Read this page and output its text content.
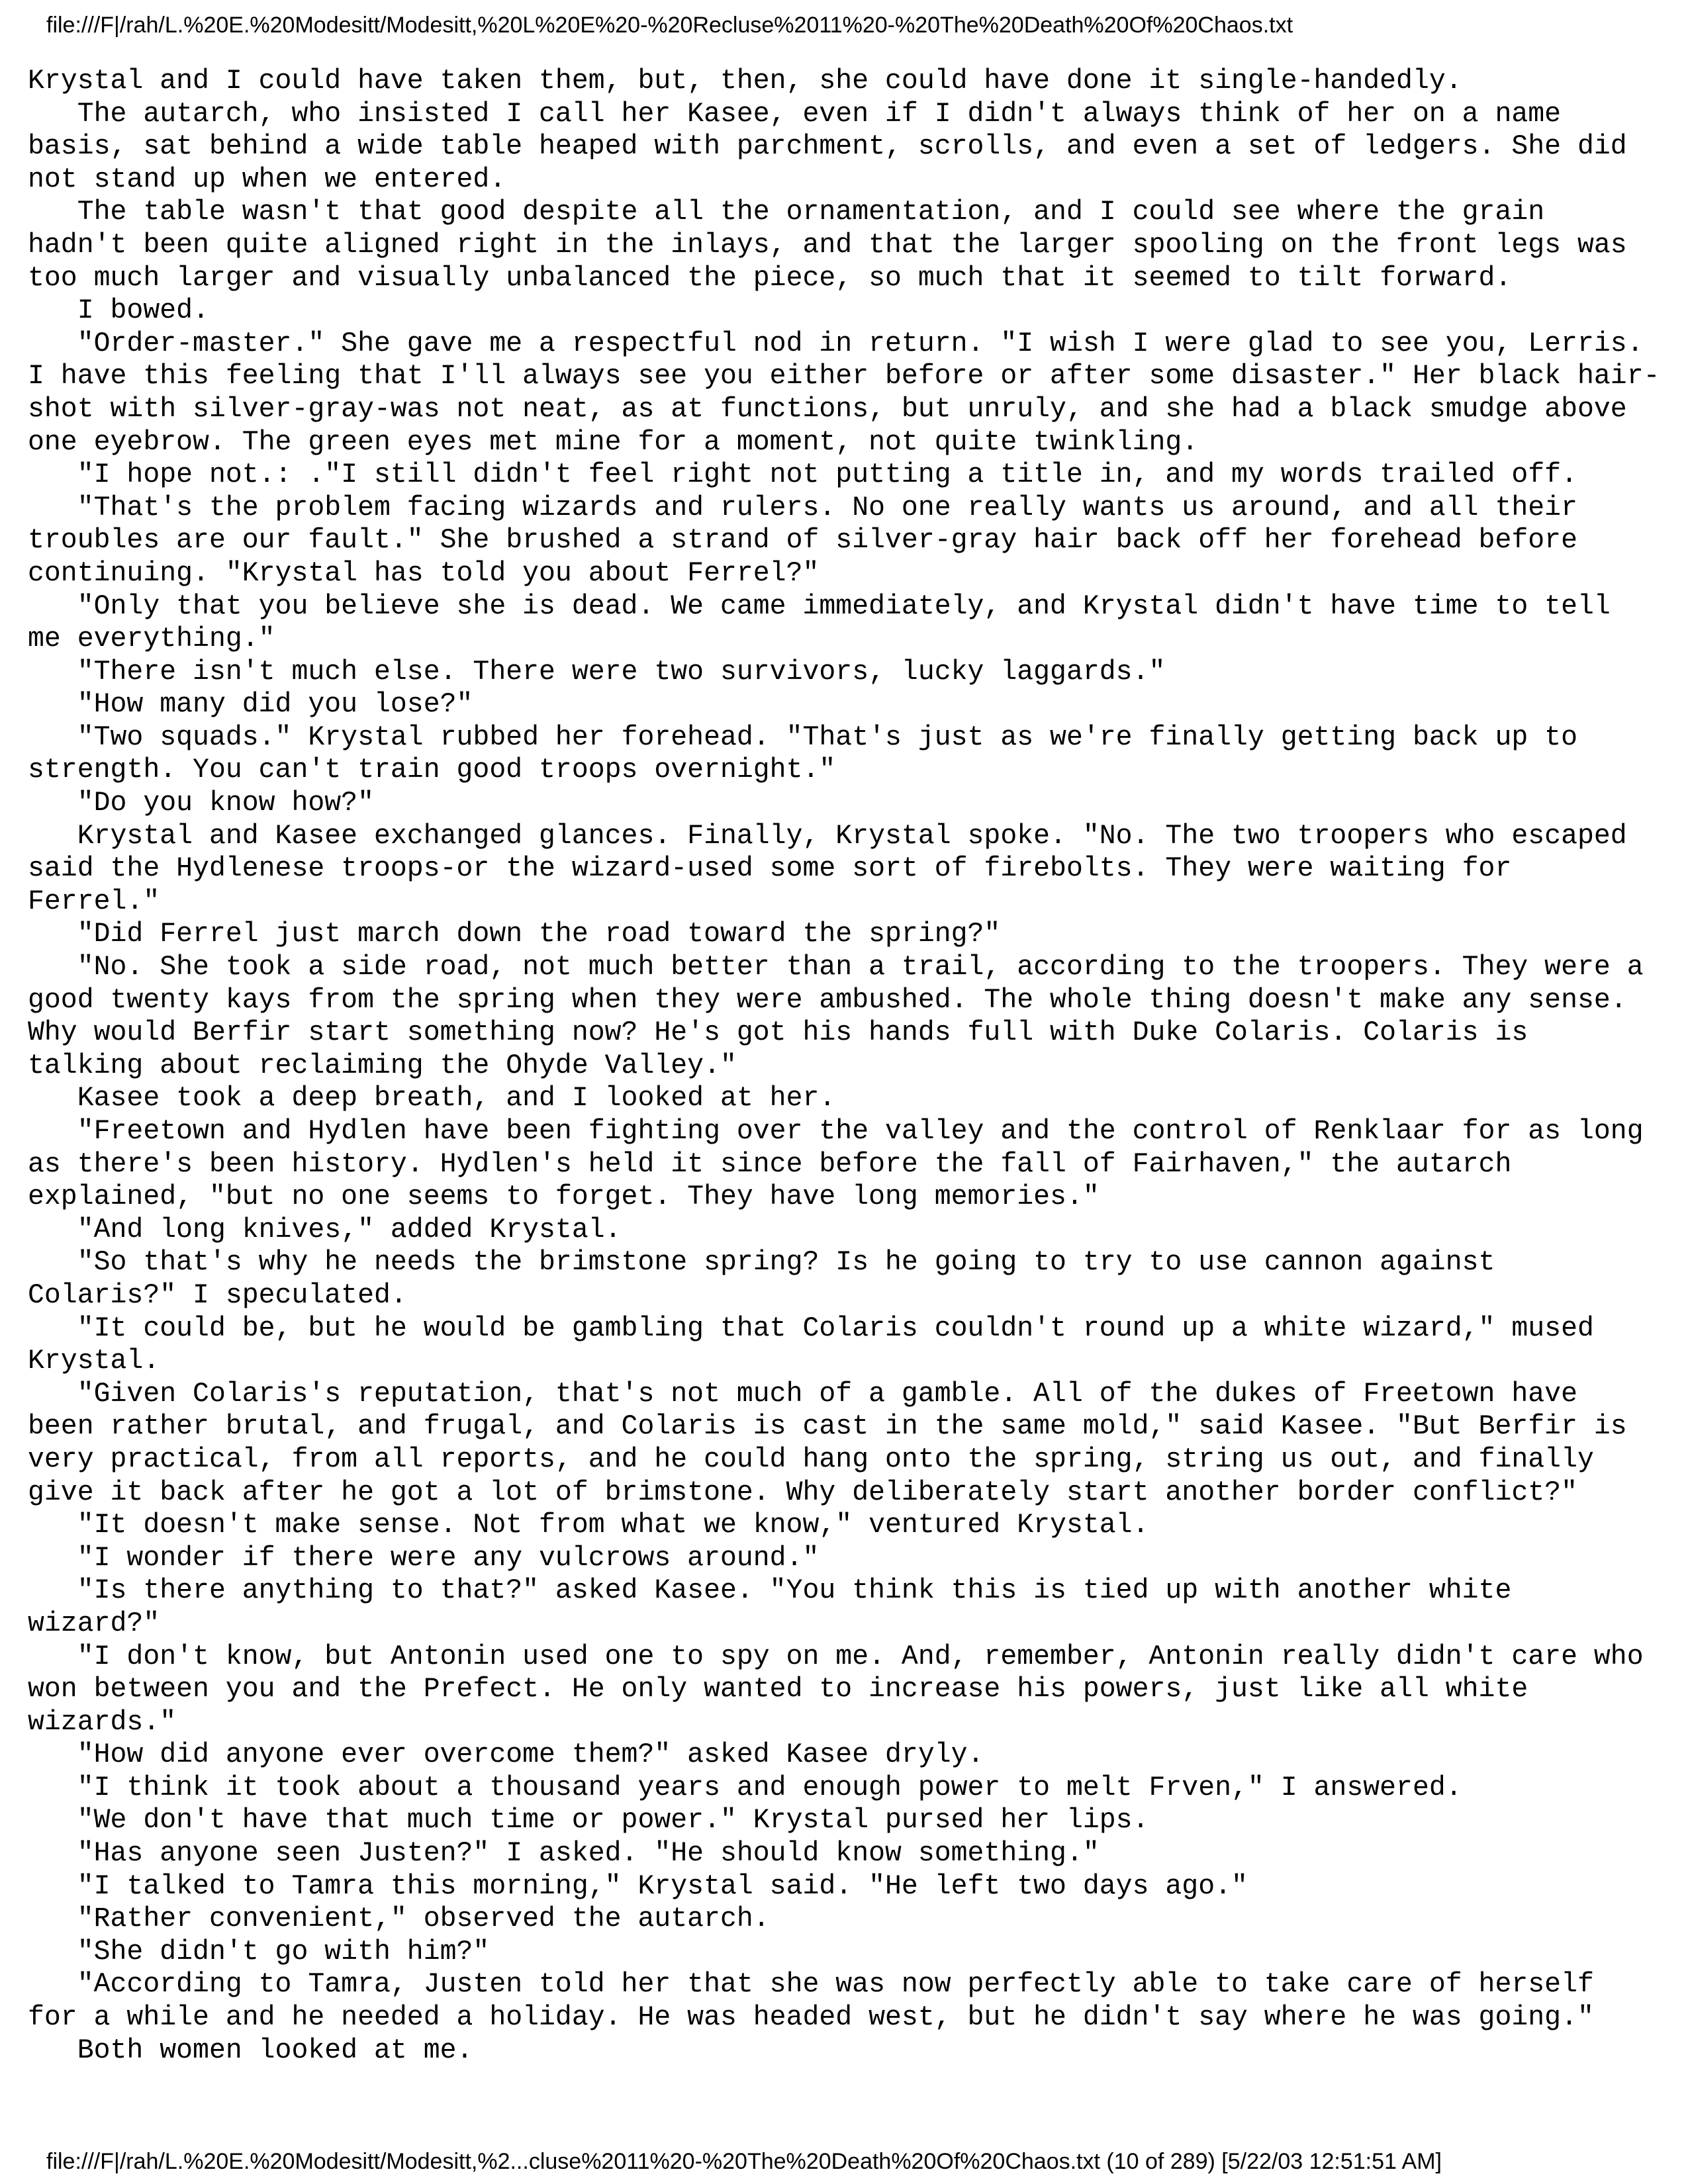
file:///F|/rah/L.%20E.%20Modesitt/Modesitt,%20L%20E%20-%20Recluse%2011%20-%20The%20Death%20Of%20Chaos.txt
Krystal and I could have taken them, but, then, she could have done it single-handedly.
The autarch, who insisted I call her Kasee, even if I didn't always think of her on a name
basis, sat behind a wide table heaped with parchment, scrolls, and even a set of ledgers. She did
not stand up when we entered.
The table wasn't that good despite all the ornamentation, and I could see where the grain
hadn't been quite aligned right in the inlays, and that the larger spooling on the front legs was
too much larger and visually unbalanced the piece, so much that it seemed to tilt forward.
I bowed.
"Order-master." She gave me a respectful nod in return. "I wish I were glad to see you, Lerris.
I have this feeling that I'll always see you either before or after some disaster." Her black hair-
shot with silver-gray-was not neat, as at functions, but unruly, and she had a black smudge above
one eyebrow. The green eyes met mine for a moment, not quite twinkling.
"I hope not.: ."I still didn't feel right not putting a title in, and my words trailed off.
"That's the problem facing wizards and rulers. No one really wants us around, and all their
troubles are our fault." She brushed a strand of silver-gray hair back off her forehead before
continuing. "Krystal has told you about Ferrel?"
"Only that you believe she is dead. We came immediately, and Krystal didn't have time to tell
me everything."
"There isn't much else. There were two survivors, lucky laggards."
"How many did you lose?"
"Two squads." Krystal rubbed her forehead. "That's just as we're finally getting back up to
strength. You can't train good troops overnight."
"Do you know how?"
Krystal and Kasee exchanged glances. Finally, Krystal spoke. "No. The two troopers who escaped
said the Hydlenese troops-or the wizard-used some sort of firebolts. They were waiting for
Ferrel."
"Did Ferrel just march down the road toward the spring?"
"No. She took a side road, not much better than a trail, according to the troopers. They were a
good twenty kays from the spring when they were ambushed. The whole thing doesn't make any sense.
Why would Berfir start something now? He's got his hands full with Duke Colaris. Colaris is
talking about reclaiming the Ohyde Valley."
Kasee took a deep breath, and I looked at her.
"Freetown and Hydlen have been fighting over the valley and the control of Renklaar for as long
as there's been history. Hydlen's held it since before the fall of Fairhaven," the autarch
explained, "but no one seems to forget. They have long memories."
"And long knives," added Krystal.
"So that's why he needs the brimstone spring? Is he going to try to use cannon against
Colaris?" I speculated.
"It could be, but he would be gambling that Colaris couldn't round up a white wizard," mused
Krystal.
"Given Colaris's reputation, that's not much of a gamble. All of the dukes of Freetown have
been rather brutal, and frugal, and Colaris is cast in the same mold," said Kasee. "But Berfir is
very practical, from all reports, and he could hang onto the spring, string us out, and finally
give it back after he got a lot of brimstone. Why deliberately start another border conflict?"
"It doesn't make sense. Not from what we know," ventured Krystal.
"I wonder if there were any vulcrows around."
"Is there anything to that?" asked Kasee. "You think this is tied up with another white
wizard?"
"I don't know, but Antonin used one to spy on me. And, remember, Antonin really didn't care who
won between you and the Prefect. He only wanted to increase his powers, just like all white
wizards."
"How did anyone ever overcome them?" asked Kasee dryly.
"I think it took about a thousand years and enough power to melt Frven," I answered.
"We don't have that much time or power." Krystal pursed her lips.
"Has anyone seen Justen?" I asked. "He should know something."
"I talked to Tamra this morning," Krystal said. "He left two days ago."
"Rather convenient," observed the autarch.
"She didn't go with him?"
"According to Tamra, Justen told her that she was now perfectly able to take care of herself
for a while and he needed a holiday. He was headed west, but he didn't say where he was going."
Both women looked at me.
file:///F|/rah/L.%20E.%20Modesitt/Modesitt,%2...cluse%2011%20-%20The%20Death%20Of%20Chaos.txt (10 of 289) [5/22/03 12:51:51 AM]
